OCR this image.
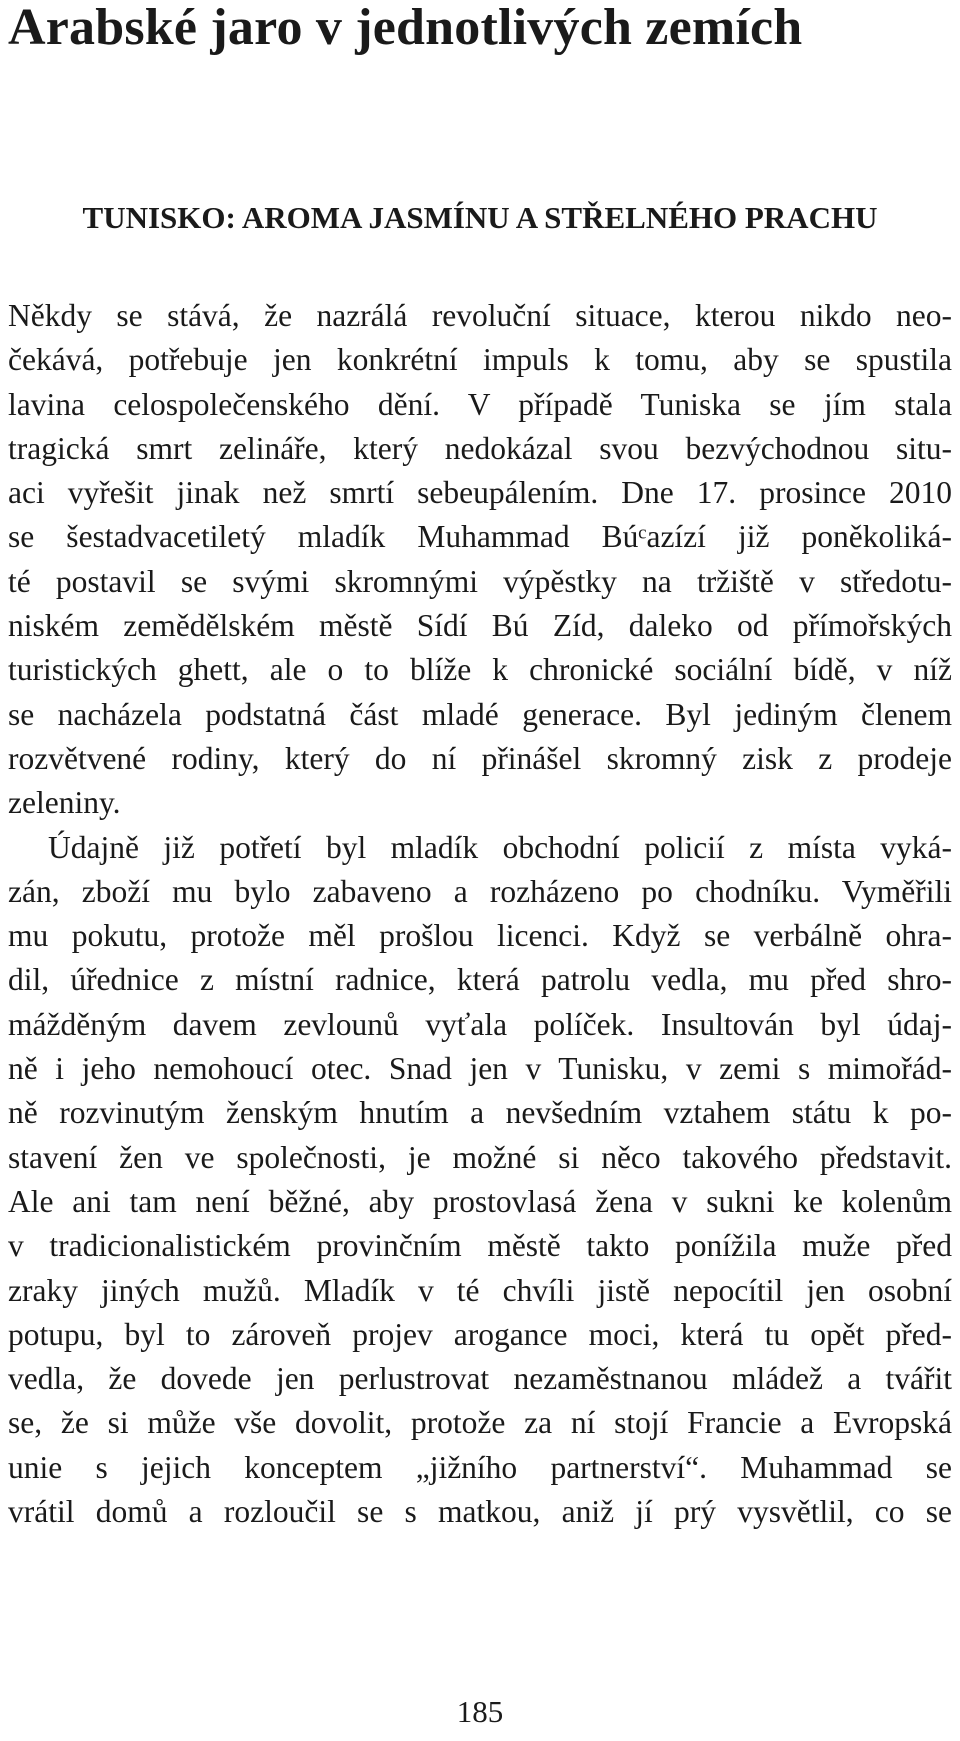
Arabské jaro v jednotlivých zemích
TUNISKO: AROMA JASMÍNU A STŘELNÉHO PRACHU
Někdy se stává, že nazrálá revoluční situace, kterou nikdo neo-
čekává, potřebuje jen konkrétní impuls k tomu, aby se spustila
lavina celospolečenského dění. V případě Tuniska se jím stala
tragická smrt zelináře, který nedokázal svou bezvýchodnou situ-
aci vyřešit jinak než smrtí sebeupálením. Dne 17. prosince 2010
se šestadvacetiletý mladík Muhammad Búᶜazízí již poněkoliká-
té postavil se svými skromnými výpěstky na tržiště v středotu-
niském zemědělském městě Sídí Bú Zíd, daleko od přímořských
turistických ghett, ale o to blíže k chronické sociální bídě, v níž
se nacházela podstatná část mladé generace. Byl jediným členem
rozvětvené rodiny, který do ní přinášel skromný zisk z prodeje
zeleniny.
Údajně již potřetí byl mladík obchodní policií z místa vyká-
zán, zboží mu bylo zabaveno a rozházeno po chodníku. Vyměřili
mu pokutu, protože měl prošlou licenci. Když se verbálně ohra-
dil, úřednice z místní radnice, která patrolu vedla, mu před shro-
mážděným davem zevlounů vyťala políček. Insultován byl údaj-
ně i jeho nemohoucí otec. Snad jen v Tunisku, v zemi s mimořád-
ně rozvinutým ženským hnutím a nevšedním vztahem státu k po-
stavení žen ve společnosti, je možné si něco takového představit.
Ale ani tam není běžné, aby prostovlasá žena v sukni ke kolenům
v tradicionalistickém provinčním městě takto ponížila muže před
zraky jiných mužů. Mladík v té chvíli jistě nepocítil jen osobní
potupu, byl to zároveň projev arogance moci, která tu opět před-
vedla, že dovede jen perlustrovat nezaměstnanou mládež a tvářit
se, že si může vše dovolit, protože za ní stojí Francie a Evropská
unie s jejich konceptem „jižního partnerství“. Muhammad se
vrátil domů a rozloučil se s matkou, aniž jí prý vysvětlil, co se
185
